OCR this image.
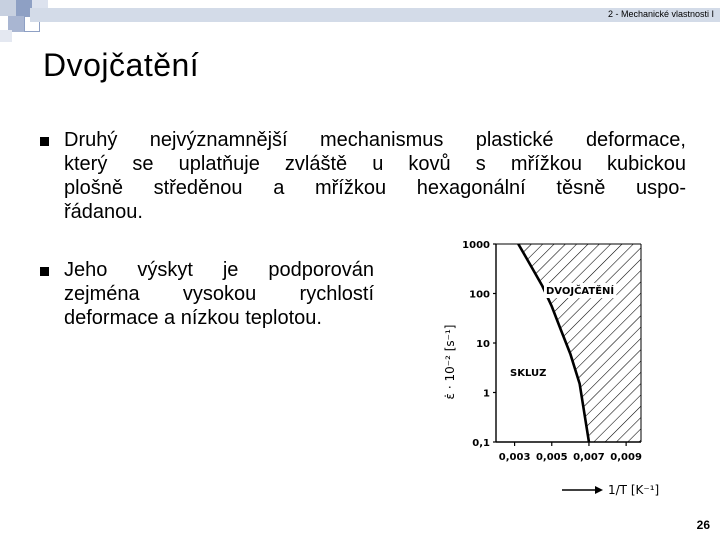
2 - Mechanické vlastnosti I
Dvojčatění
Druhý nejvýznamnější mechanismus plastické deformace,
který se uplatňuje zvláště u kovů s mřížkou kubickou
plošně středěnou a mřížkou hexagonální těsně uspo-
řádanou.
Jeho výskyt je podporován
zejména vysokou rychlostí
deformace a nízkou teplotou.
1000
100
10
1
0,1
0,003 0,005 0,007 0,009
DVOJČATĚNÍ
SKLUZ
ε̇ · 10⁻² [s⁻¹]
1/T [K⁻¹]
26
